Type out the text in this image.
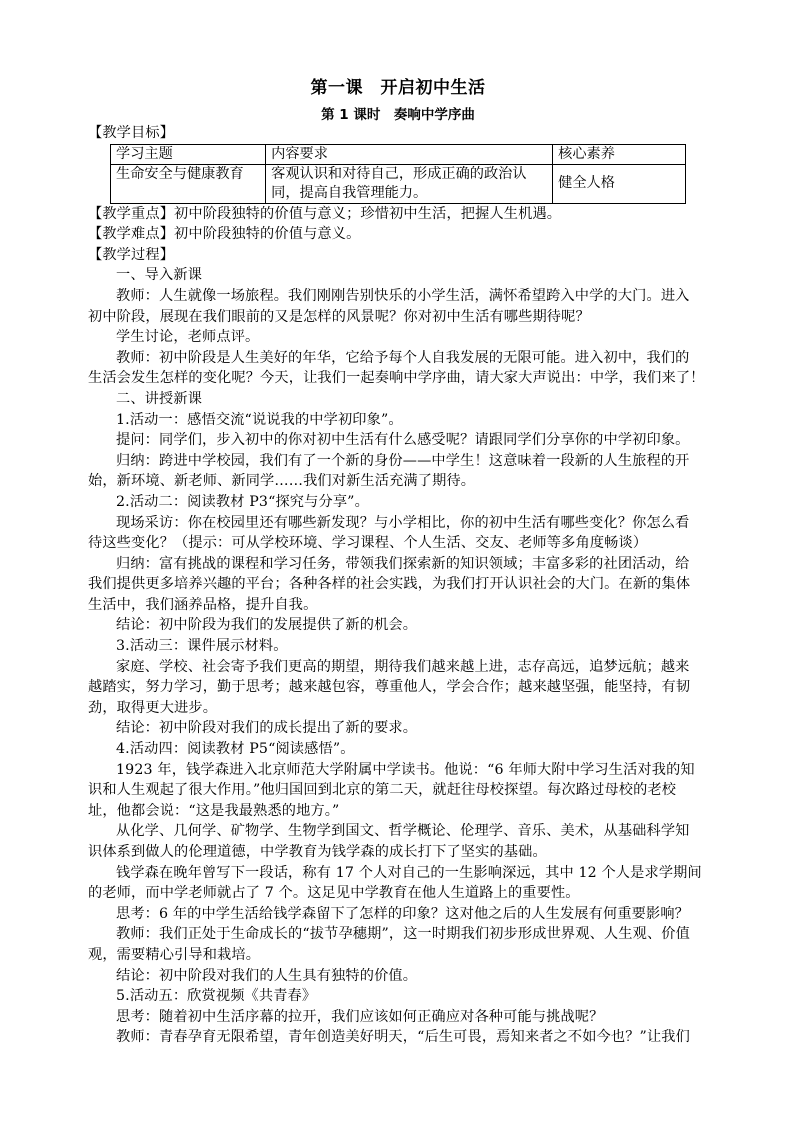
第一课　开启初中生活
第 1 课时　奏响中学序曲
【教学目标】
学习主题	内容要求	核心素养
生命安全与健康教育	客观认识和对待自己，形成正确的政治认同，提高自我管理能力。	健全人格
【教学重点】初中阶段独特的价值与意义；珍惜初中生活，把握人生机遇。
【教学难点】初中阶段独特的价值与意义。
【教学过程】
一、导入新课
教师：人生就像一场旅程。我们刚刚告别快乐的小学生活，满怀希望跨入中学的大门。进入
初中阶段，展现在我们眼前的又是怎样的风景呢？你对初中生活有哪些期待呢？
学生讨论，老师点评。
教师：初中阶段是人生美好的年华，它给予每个人自我发展的无限可能。进入初中，我们的
生活会发生怎样的变化呢？今天，让我们一起奏响中学序曲，请大家大声说出：中学，我们来了！
二、讲授新课
1.活动一：感悟交流“说说我的中学初印象”。
提问：同学们，步入初中的你对初中生活有什么感受呢？请跟同学们分享你的中学初印象。
归纳：跨进中学校园，我们有了一个新的身份——中学生！这意味着一段新的人生旅程的开
始，新环境、新老师、新同学……我们对新生活充满了期待。
2.活动二：阅读教材 P3“探究与分享”。
现场采访：你在校园里还有哪些新发现？与小学相比，你的初中生活有哪些变化？你怎么看
待这些变化？（提示：可从学校环境、学习课程、个人生活、交友、老师等多角度畅谈）
归纳：富有挑战的课程和学习任务，带领我们探索新的知识领域；丰富多彩的社团活动，给
我们提供更多培养兴趣的平台；各种各样的社会实践，为我们打开认识社会的大门。在新的集体
生活中，我们涵养品格，提升自我。
结论：初中阶段为我们的发展提供了新的机会。
3.活动三：课件展示材料。
家庭、学校、社会寄予我们更高的期望，期待我们越来越上进，志存高远，追梦远航；越来
越踏实，努力学习，勤于思考；越来越包容，尊重他人，学会合作；越来越坚强，能坚持，有韧
劲，取得更大进步。
结论：初中阶段对我们的成长提出了新的要求。
4.活动四：阅读教材 P5“阅读感悟”。
1923 年，钱学森进入北京师范大学附属中学读书。他说：“6 年师大附中学习生活对我的知
识和人生观起了很大作用。”他归国回到北京的第二天，就赶往母校探望。每次路过母校的老校
址，他都会说：“这是我最熟悉的地方。”
从化学、几何学、矿物学、生物学到国文、哲学概论、伦理学、音乐、美术，从基础科学知
识体系到做人的伦理道德，中学教育为钱学森的成长打下了坚实的基础。
钱学森在晚年曾写下一段话，称有 17 个人对自己的一生影响深远，其中 12 个人是求学期间
的老师，而中学老师就占了 7 个。这足见中学教育在他人生道路上的重要性。
思考：6 年的中学生活给钱学森留下了怎样的印象？这对他之后的人生发展有何重要影响？
教师：我们正处于生命成长的“拔节孕穗期”，这一时期我们初步形成世界观、人生观、价值
观，需要精心引导和栽培。
结论：初中阶段对我们的人生具有独特的价值。
5.活动五：欣赏视频《共青春》
思考：随着初中生活序幕的拉开，我们应该如何正确应对各种可能与挑战呢？
教师：青春孕育无限希望，青年创造美好明天，“后生可畏，焉知来者之不如今也？”让我们
